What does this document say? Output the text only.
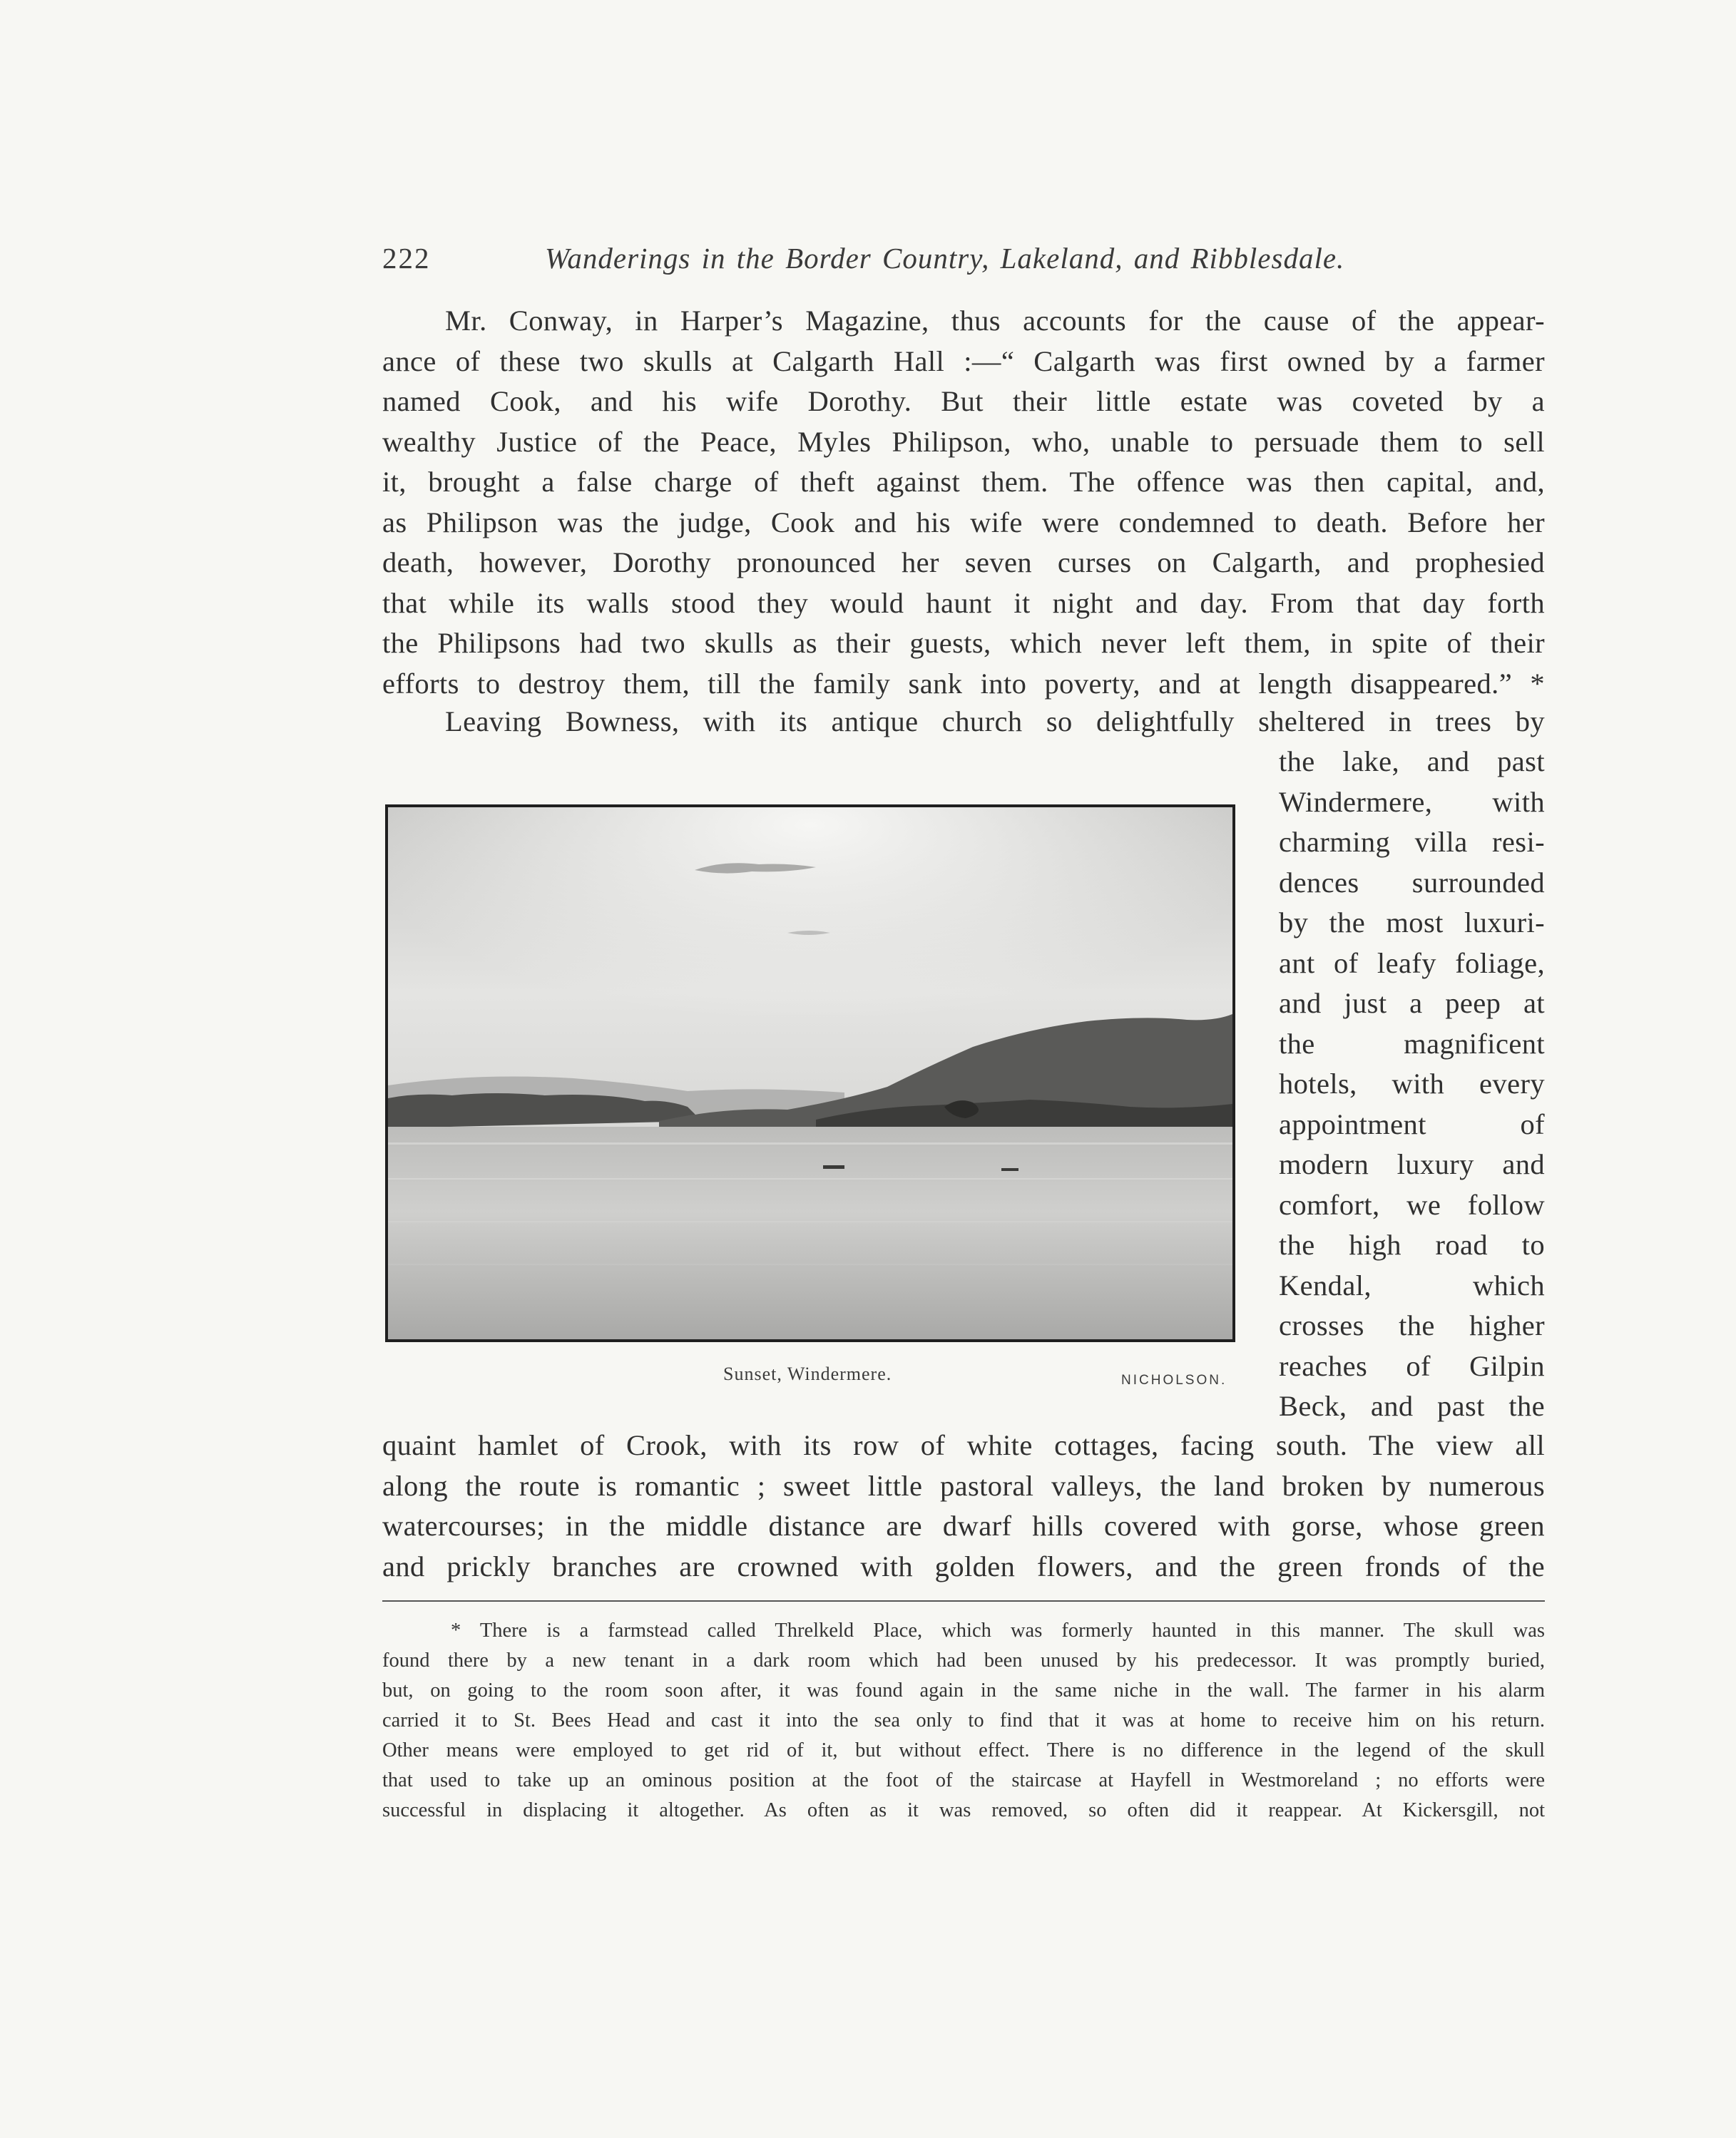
222	Wanderings in the Border Country, Lakeland, and Ribblesdale.
Mr. Conway, in Harper’s Magazine, thus accounts for the cause of the appear-
ance of these two skulls at Calgarth Hall :—“ Calgarth was first owned by a farmer
named Cook, and his wife Dorothy. But their little estate was coveted by a
wealthy Justice of the Peace, Myles Philipson, who, unable to persuade them to sell
it, brought a false charge of theft against them. The offence was then capital, and,
as Philipson was the judge, Cook and his wife were condemned to death. Before her
death, however, Dorothy pronounced her seven curses on Calgarth, and prophesied
that while its walls stood they would haunt it night and day. From that day forth
the Philipsons had two skulls as their guests, which never left them, in spite of their
efforts to destroy them, till the family sank into poverty, and at length disappeared.” *
Leaving Bowness, with its antique church so delightfully sheltered in trees by
Sunset, Windermere.	NICHOLSON.
the lake, and past
Windermere, with
charming villa resi-
dences surrounded
by the most luxuri-
ant of leafy foliage,
and just a peep at
the magnificent
hotels, with every
appointment of
modern luxury and
comfort, we follow
the high road to
Kendal, which
crosses the higher
reaches of Gilpin
Beck, and past the
quaint hamlet of Crook, with its row of white cottages, facing south. The view all
along the route is romantic ; sweet little pastoral valleys, the land broken by numerous
watercourses; in the middle distance are dwarf hills covered with gorse, whose green
and prickly branches are crowned with golden flowers, and the green fronds of the
* There is a farmstead called Threlkeld Place, which was formerly haunted in this manner. The skull was
found there by a new tenant in a dark room which had been unused by his predecessor. It was promptly buried,
but, on going to the room soon after, it was found again in the same niche in the wall. The farmer in his alarm
carried it to St. Bees Head and cast it into the sea only to find that it was at home to receive him on his return.
Other means were employed to get rid of it, but without effect. There is no difference in the legend of the skull
that used to take up an ominous position at the foot of the staircase at Hayfell in Westmoreland ; no efforts were
successful in displacing it altogether. As often as it was removed, so often did it reappear. At Kickersgill, not
